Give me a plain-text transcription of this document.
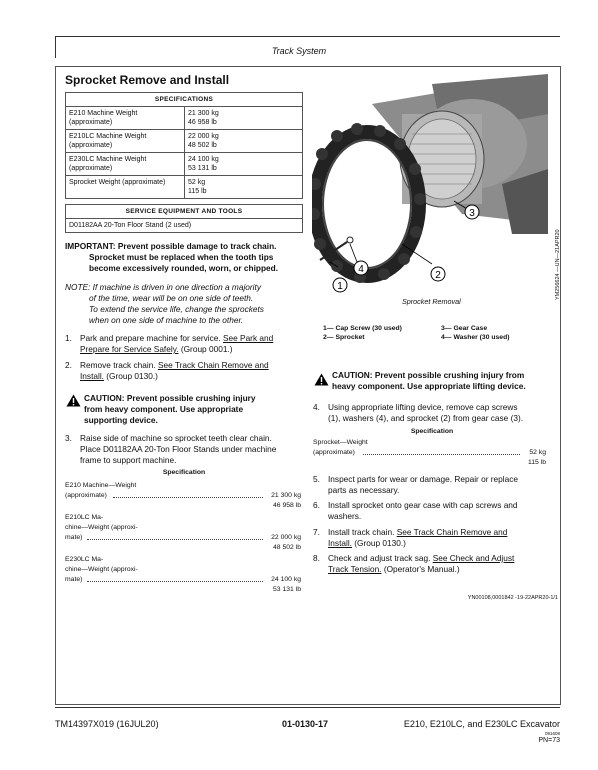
Track System
Sprocket Remove and Install
SPECIFICATIONS	
E210 Machine Weight (approximate)	21 300 kg
46 958 lb
E210LC Machine Weight (approximate)	22 000 kg
48 502 lb
E230LC Machine Weight (approximate)	24 100 kg
53 131 lb
Sprocket Weight (approximate)	52 kg
115 lb
SERVICE EQUIPMENT AND TOOLS
D01182AA 20-Ton Floor Stand (2 used)
IMPORTANT: Prevent possible damage to track chain.
Sprocket must be replaced when the tooth tips
become excessively rounded, worn, or chipped.
NOTE: If machine is driven in one direction a majority
of the time, wear will be on one side of teeth.
To extend the service life, change the sprockets
when on one side of machine to the other.
1. Park and prepare machine for service. See Park and
Prepare for Service Safely. (Group 0001.)
2. Remove track chain. See Track Chain Remove and
Install. (Group 0130.)
CAUTION: Prevent possible crushing injury
from heavy component. Use appropriate
supporting device.
3. Raise side of machine so sprocket teeth clear chain.
Place D01182AA 20-Ton Floor Stands under machine
frame to support machine.
Specification
E210 Machine—Weight
(approximate)	21 300 kg
46 958 lb
E210LC Ma-
chine—Weight (approxi-
mate)	22 000 kg
48 502 lb
E230LC Ma-
chine—Weight (approxi-
mate)	24 100 kg
53 131 lb
1
2
3
4	YM256624 —UN—21APR20
Sprocket Removal
1— Cap Screw (30 used)
2— Sprocket
3— Gear Case
4— Washer (30 used)
CAUTION: Prevent possible crushing injury from
heavy component. Use appropriate lifting device.
4. Using appropriate lifting device, remove cap screws
(1), washers (4), and sprocket (2) from gear case (3).
Specification
Sprocket—Weight
(approximate)	52 kg
115 lb
5. Inspect parts for wear or damage. Repair or replace
parts as necessary.
6. Install sprocket onto gear case with cap screws and
washers.
7. Install track chain. See Track Chain Remove and
Install. (Group 0130.)
8. Check and adjust track sag. See Check and Adjust
Track Tension. (Operator's Manual.)
YN00108,0001842 -19-22APR20-1/1
TM14397X019 (16JUL20)	01-0130-17	E210, E210LC, and E230LC Excavator
091608
PN=73
